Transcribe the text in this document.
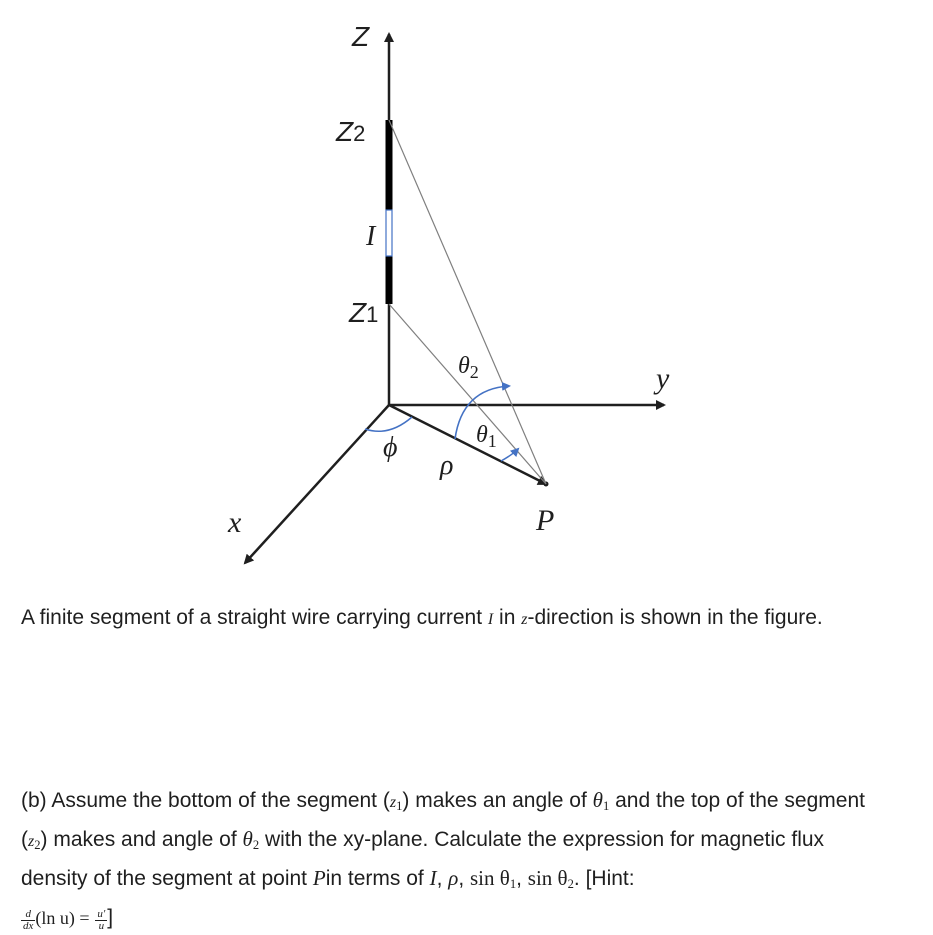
Z
Z2
I
Z1
$\theta_2$	y
$\theta_1$
ϕ
ρ
x	P

A finite segment of a straight wire carrying current I in z-direction is shown in the figure.

(b) Assume the bottom of the segment $(z_1)$ makes an angle of $\theta_1$ and the top of the segment $(z_2)$ makes and angle of $\theta_2$ with the xy-plane. Calculate the expression for magnetic flux density of the segment at point Pin terms of I, ρ, $\sin \theta_1$, $\sin \theta_2$. [Hint:

$\frac{d}{dx} (\ln$ $u) = \frac{u'}{u}$ ]
